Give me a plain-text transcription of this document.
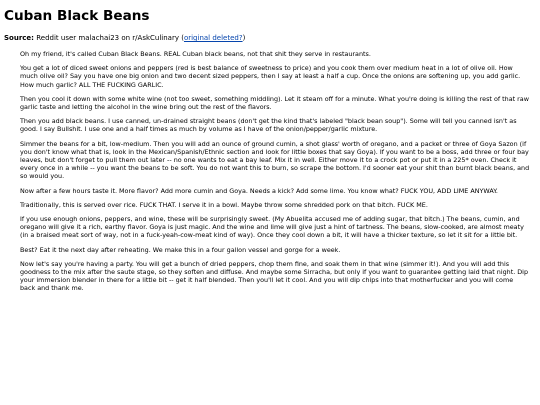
Cuban Black Beans
Source: Reddit user malachai23 on r/AskCulinary (original deleted?)

Oh my friend, it's called Cuban Black Beans. REAL Cuban black beans, not that shit they serve in restaurants.

You get a lot of diced sweet onions and peppers (red is best balance of sweetness to price) and you cook them over medium heat in a lot of olive oil. How much olive oil? Say you have one big onion and two decent sized peppers, then I say at least a half a cup. Once the onions are softening up, you add garlic. How much garlic? ALL THE FUCKING GARLIC.

Then you cool it down with some white wine (not too sweet, something middling). Let it steam off for a minute. What you're doing is killing the rest of that raw garlic taste and letting the alcohol in the wine bring out the rest of the flavors.

Then you add black beans. I use canned, un-drained straight beans (don't get the kind that's labeled "black bean soup"). Some will tell you canned isn't as good. I say Bullshit. I use one and a half times as much by volume as I have of the onion/pepper/garlic mixture.

Simmer the beans for a bit, low-medium. Then you will add an ounce of ground cumin, a shot glass' worth of oregano, and a packet or three of Goya Sazon (if you don't know what that is, look in the Mexican/Spanish/Ethnic section and look for little boxes that say Goya). If you want to be a boss, add three or four bay leaves, but don't forget to pull them out later -- no one wants to eat a bay leaf. Mix it in well. Either move it to a crock pot or put it in a 225* oven. Check it every once in a while -- you want the beans to be soft. You do not want this to burn, so scrape the bottom. I'd sooner eat your shit than burnt black beans, and so would you.

Now after a few hours taste it. More flavor? Add more cumin and Goya. Needs a kick? Add some lime. You know what? FUCK YOU, ADD LIME ANYWAY.

Traditionally, this is served over rice. FUCK THAT. I serve it in a bowl. Maybe throw some shredded pork on that bitch. FUCK ME.

If you use enough onions, peppers, and wine, these will be surprisingly sweet. (My Abuelita accused me of adding sugar, that bitch.) The beans, cumin, and oregano will give it a rich, earthy flavor. Goya is just magic. And the wine and lime will give just a hint of tartness. The beans, slow-cooked, are almost meaty (in a braised meat sort of way, not in a fuck-yeah-cow-meat kind of way). Once they cool down a bit, it will have a thicker texture, so let it sit for a little bit.

Best? Eat it the next day after reheating. We make this in a four gallon vessel and gorge for a week.

Now let's say you're having a party. You will get a bunch of dried peppers, chop them fine, and soak them in that wine (simmer it!). And you will add this goodness to the mix after the saute stage, so they soften and diffuse. And maybe some Sirracha, but only if you want to guarantee getting laid that night. Dip your immersion blender in there for a little bit -- get it half blended. Then you'll let it cool. And you will dip chips into that motherfucker and you will come back and thank me.
